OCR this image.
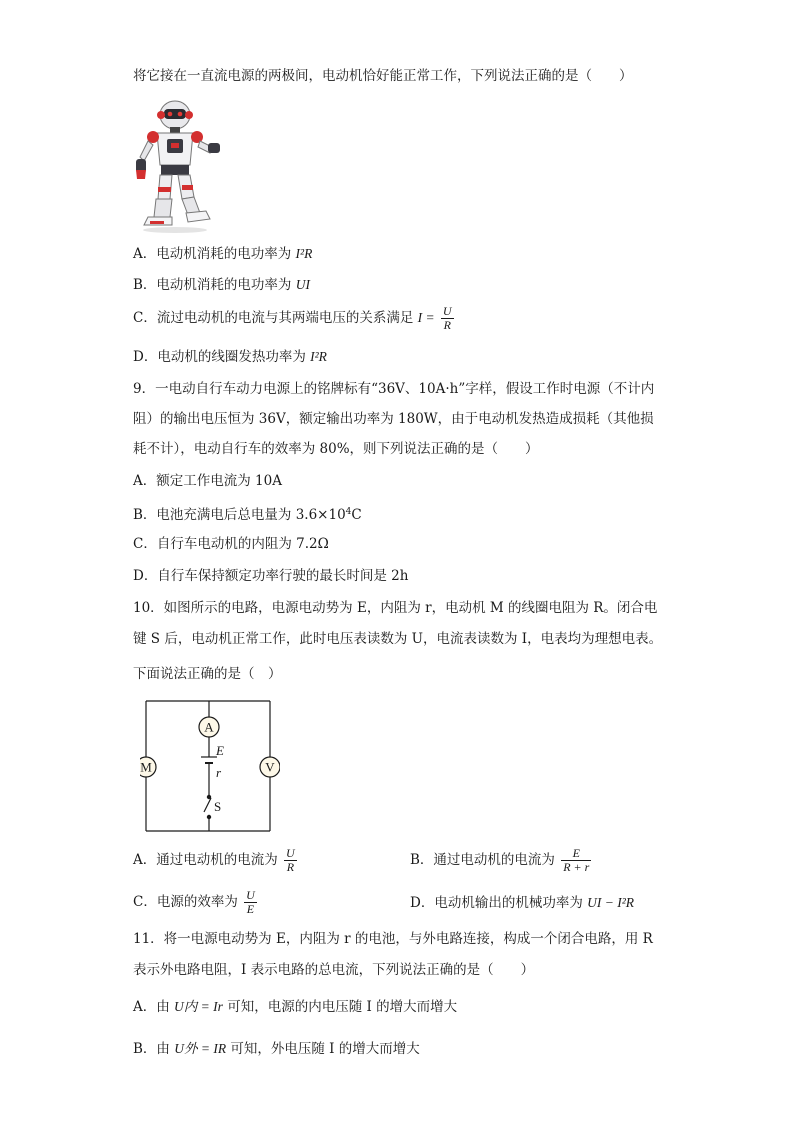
将它接在一直流电源的两极间，电动机恰好能正常工作，下列说法正确的是（　　）
A．电动机消耗的电功率为 I²R
B．电动机消耗的电功率为 UI
C．流过电动机的电流与其两端电压的关系满足 $I = \frac{U}{R}$
D．电动机的线圈发热功率为 I²R
9．一电动自行车动力电源上的铭牌标有“36V、10A·h”字样，假设工作时电源（不计内
阻）的输出电压恒为 36V，额定输出功率为 180W，由于电动机发热造成损耗（其他损
耗不计），电动自行车的效率为 80%，则下列说法正确的是（　　）
A．额定工作电流为 10A
B．电池充满电后总电量为 $3.6\times 10^4C$
C．自行车电动机的内阻为 7.2Ω
D．自行车保持额定功率行驶的最长时间是 2h
10．如图所示的电路，电源电动势为 E，内阻为 r，电动机 M 的线圈电阻为 R。闭合电
键 S 后，电动机正常工作，此时电压表读数为 U，电流表读数为 I，电表均为理想电表。
下面说法正确的是（　）
A
M	V
E
r
S
A．通过电动机的电流为 $\frac{U}{R}$	B．通过电动机的电流为 $\frac{E}{R + r}$
C．电源的效率为 $\frac{U}{E}$	D．电动机输出的机械功率为 UI − I²R
11．将一电源电动势为 E，内阻为 r 的电池，与外电路连接，构成一个闭合电路，用 R
表示外电路电阻，I 表示电路的总电流，下列说法正确的是（　　）
A．由 U内 = Ir 可知，电源的内电压随 I 的增大而增大
B．由 U外 = IR 可知，外电压随 I 的增大而增大
